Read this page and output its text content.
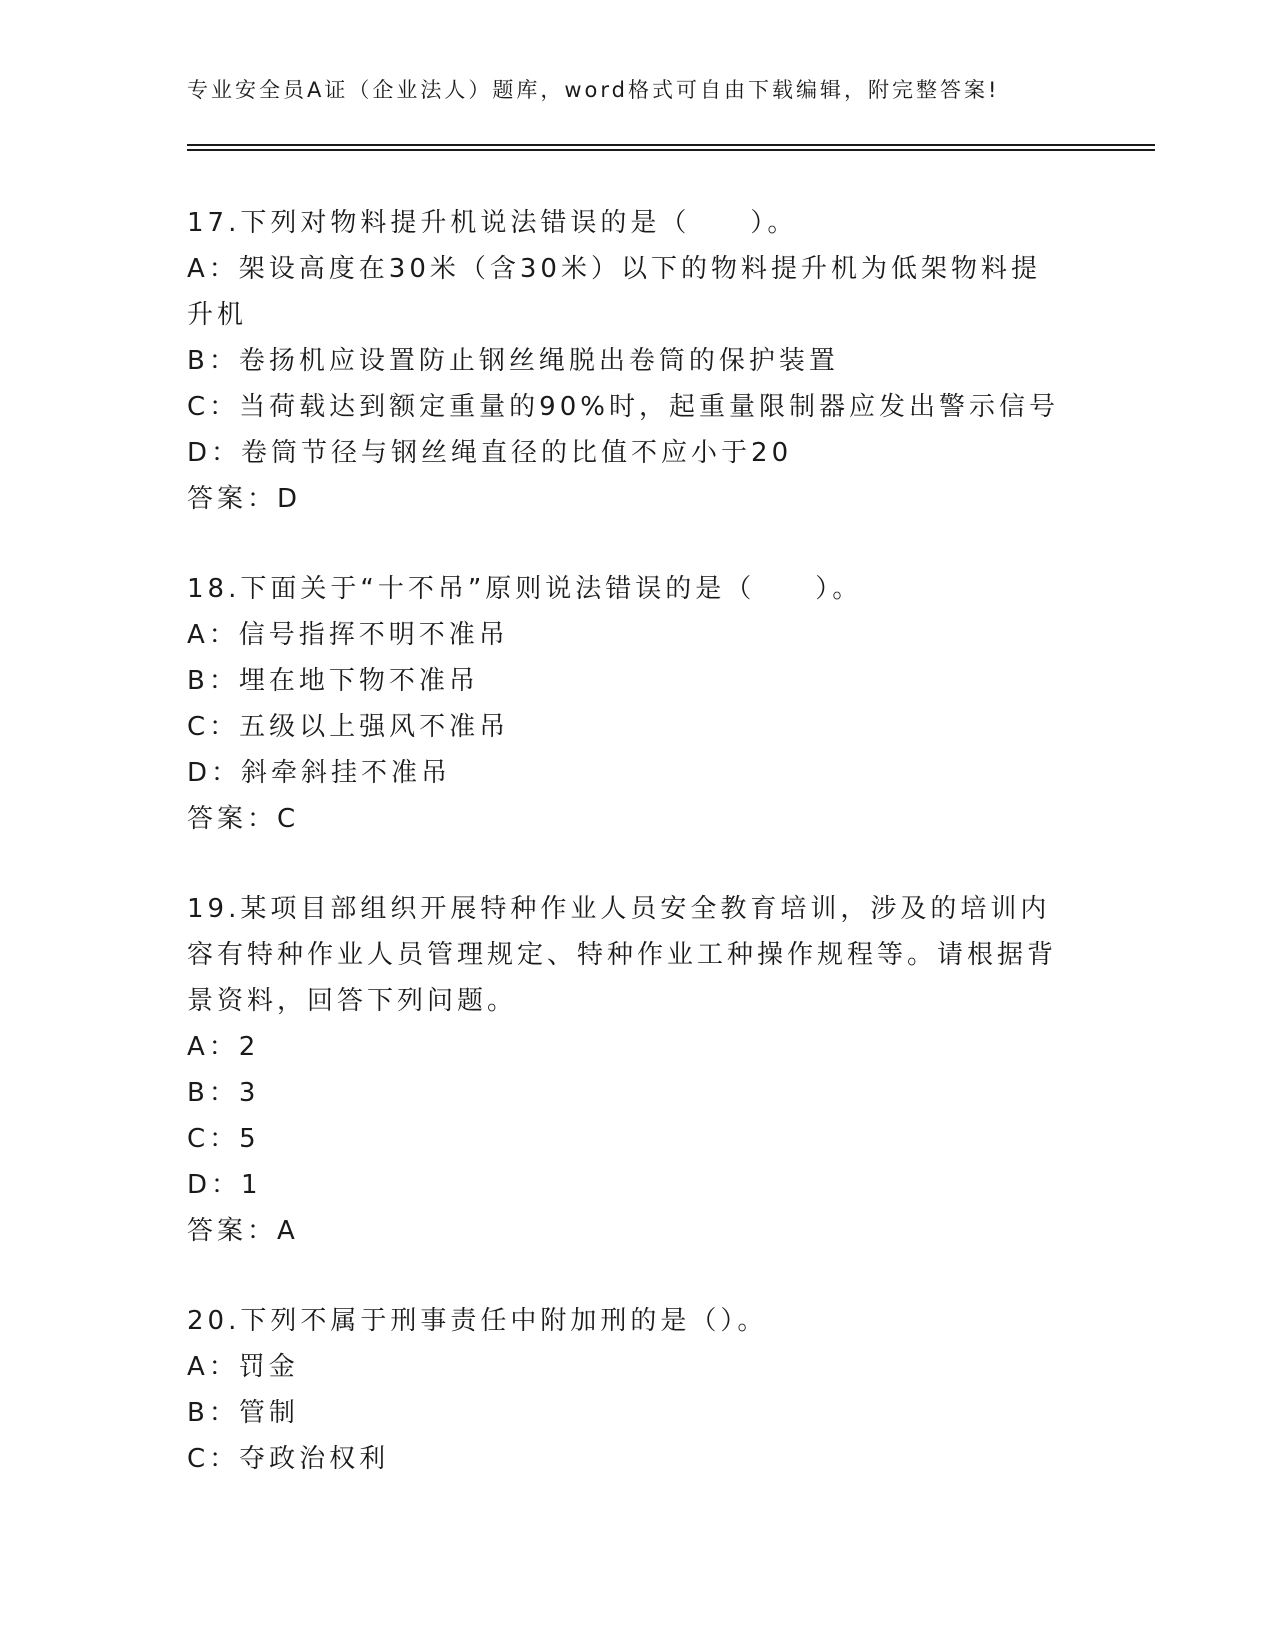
专业安全员A证（企业法人）题库，word格式可自由下载编辑，附完整答案!
17.下列对物料提升机说法错误的是（　　）。
A：架设高度在30米（含30米）以下的物料提升机为低架物料提升机
B：卷扬机应设置防止钢丝绳脱出卷筒的保护装置
C：当荷载达到额定重量的90%时，起重量限制器应发出警示信号
D：卷筒节径与钢丝绳直径的比值不应小于20
答案：D
18.下面关于“十不吊”原则说法错误的是（　　）。
A：信号指挥不明不准吊
B：埋在地下物不准吊
C：五级以上强风不准吊
D：斜牵斜挂不准吊
答案：C
19.某项目部组织开展特种作业人员安全教育培训，涉及的培训内容有特种作业人员管理规定、特种作业工种操作规程等。请根据背景资料，回答下列问题。
A：2
B：3
C：5
D：1
答案：A
20.下列不属于刑事责任中附加刑的是（）。
A：罚金
B：管制
C：夺政治权利
